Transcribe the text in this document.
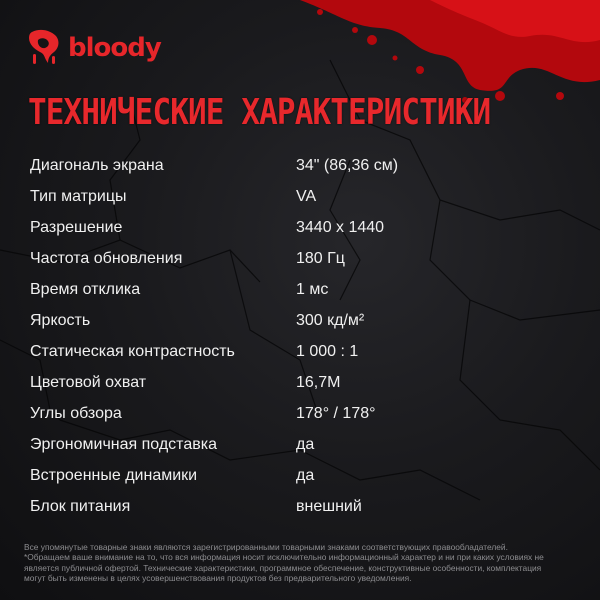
bloody
ТЕХНИЧЕСКИЕ ХАРАКТЕРИСТИКИ
Диагональ экрана	34" (86,36 см)
Тип матрицы	VA
Разрешение	3440 х 1440
Частота обновления	180 Гц
Время отклика	1 мс
Яркость	300 кд/м²
Статическая контрастность	1 000 : 1
Цветовой охват	16,7М
Углы обзора	178° / 178°
Эргономичная подставка	да
Встроенные динамики	да
Блок питания	внешний
Все упомянутые товарные знаки являются зарегистрированными товарными знаками соответствующих правообладателей.
*Обращаем ваше внимание на то, что вся информация носит исключительно информационный характер и ни при каких условиях не
является публичной офертой. Технические характеристики, программное обеспечение, конструктивные особенности, комплектация
могут быть изменены в целях усовершенствования продуктов без предварительного уведомления.
